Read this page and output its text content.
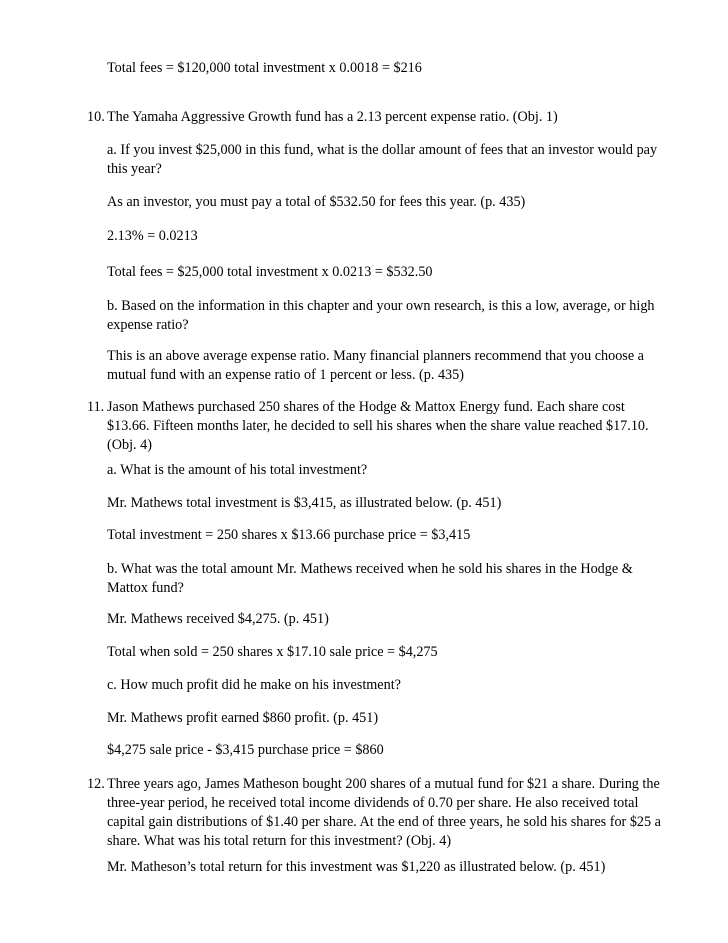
Total fees = $120,000 total investment x 0.0018 = $216
10. The Yamaha Aggressive Growth fund has a 2.13 percent expense ratio. (Obj. 1)
a. If you invest $25,000 in this fund, what is the dollar amount of fees that an investor would pay
this year?
As an investor, you must pay a total of $532.50 for fees this year. (p. 435)
2.13% = 0.0213
Total fees = $25,000 total investment x 0.0213 = $532.50
b. Based on the information in this chapter and your own research, is this a low, average, or high
expense ratio?
This is an above average expense ratio. Many financial planners recommend that you choose a
mutual fund with an expense ratio of 1 percent or less. (p. 435)
11. Jason Mathews purchased 250 shares of the Hodge & Mattox Energy fund. Each share cost
$13.66. Fifteen months later, he decided to sell his shares when the share value reached $17.10.
(Obj. 4)
a. What is the amount of his total investment?
Mr. Mathews total investment is $3,415, as illustrated below. (p. 451)
Total investment = 250 shares x $13.66 purchase price = $3,415
b. What was the total amount Mr. Mathews received when he sold his shares in the Hodge &
Mattox fund?
Mr. Mathews received $4,275. (p. 451)
Total when sold = 250 shares x $17.10 sale price = $4,275
c. How much profit did he make on his investment?
Mr. Mathews profit earned $860 profit. (p. 451)
$4,275 sale price - $3,415 purchase price = $860
12. Three years ago, James Matheson bought 200 shares of a mutual fund for $21 a share. During the
three-year period, he received total income dividends of 0.70 per share. He also received total
capital gain distributions of $1.40 per share. At the end of three years, he sold his shares for $25 a
share. What was his total return for this investment? (Obj. 4)
Mr. Matheson’s total return for this investment was $1,220 as illustrated below. (p. 451)
